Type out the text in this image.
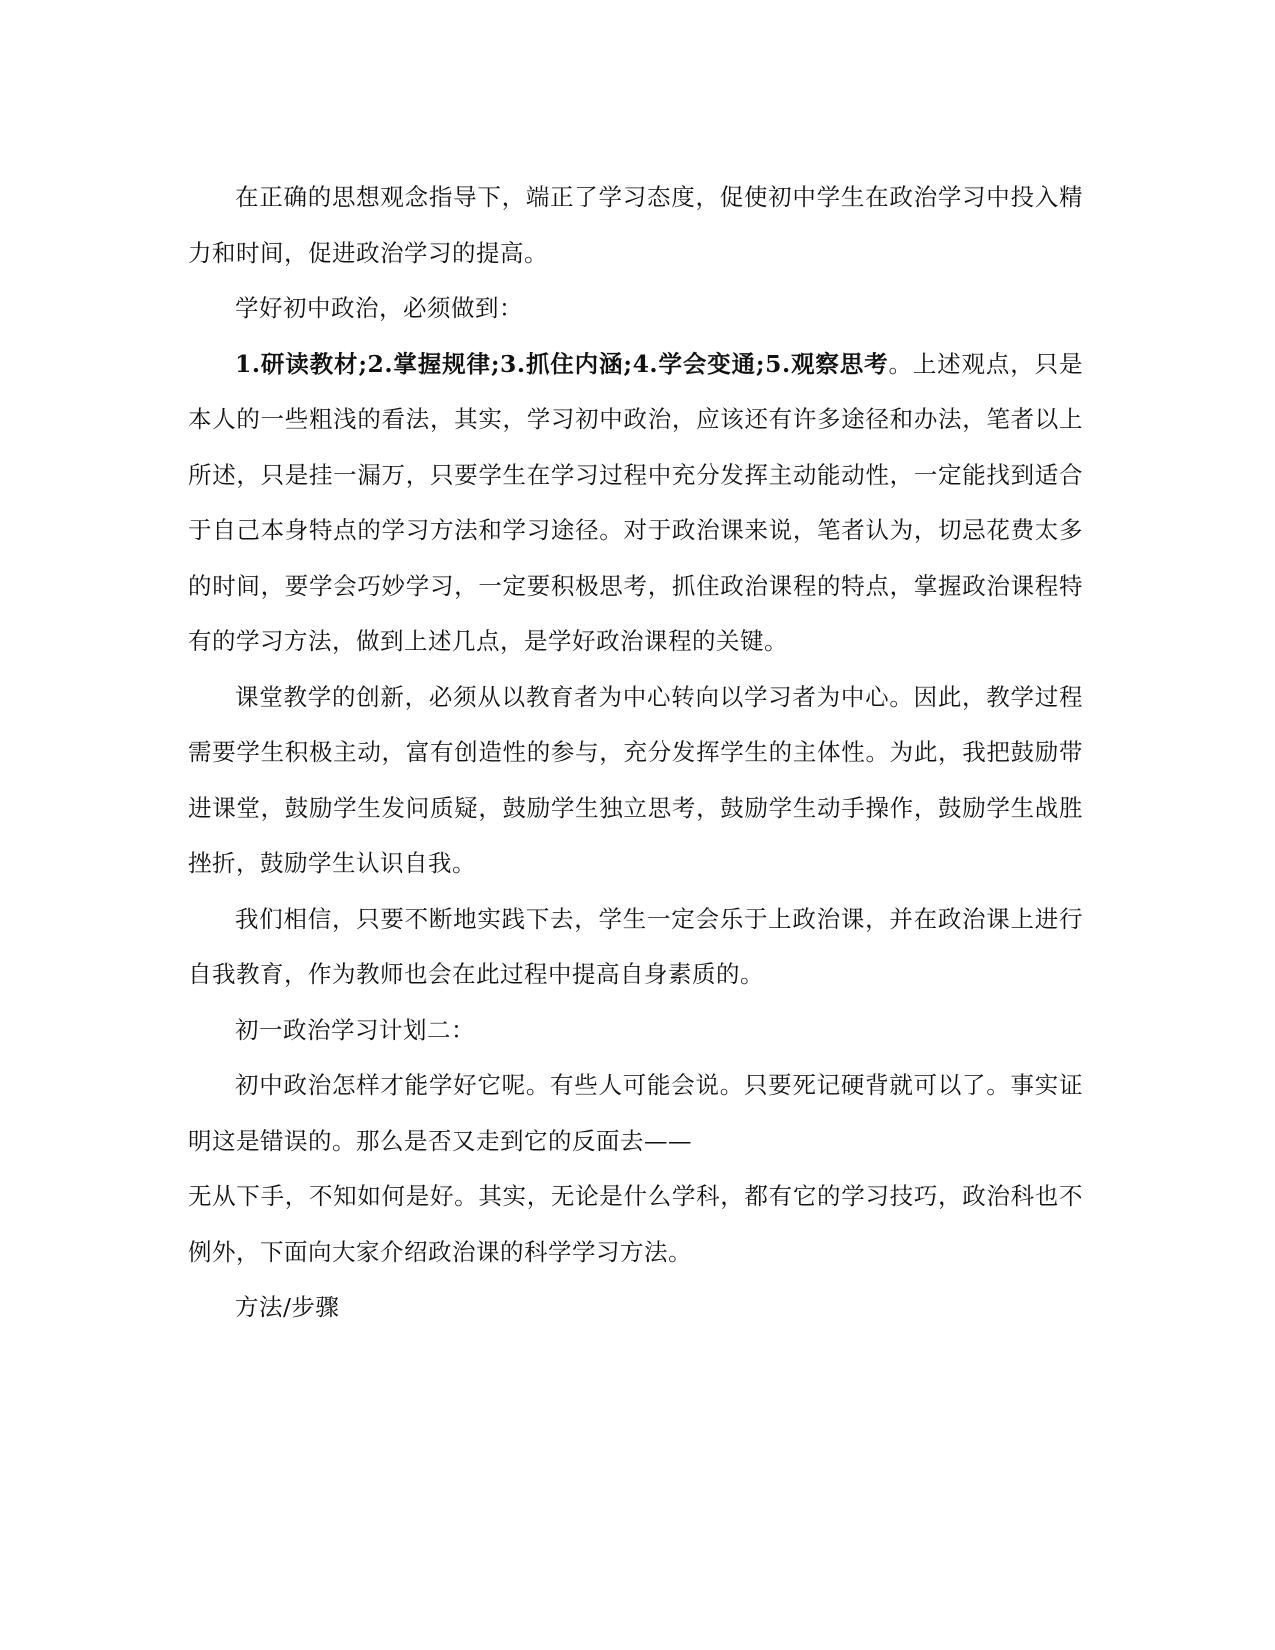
在正确的思想观念指导下，端正了学习态度，促使初中学生在政治学习中投入精力和时间，促进政治学习的提高。

学好初中政治，必须做到：

1.研读教材;2.掌握规律;3.抓住内涵;4.学会变通;5.观察思考。上述观点，只是本人的一些粗浅的看法，其实，学习初中政治，应该还有许多途径和办法，笔者以上所述，只是挂一漏万，只要学生在学习过程中充分发挥主动能动性，一定能找到适合于自己本身特点的学习方法和学习途径。对于政治课来说，笔者认为，切忌花费太多的时间，要学会巧妙学习，一定要积极思考，抓住政治课程的特点，掌握政治课程特有的学习方法，做到上述几点，是学好政治课程的关键。

课堂教学的创新，必须从以教育者为中心转向以学习者为中心。因此，教学过程需要学生积极主动，富有创造性的参与，充分发挥学生的主体性。为此，我把鼓励带进课堂，鼓励学生发问质疑，鼓励学生独立思考，鼓励学生动手操作，鼓励学生战胜挫折，鼓励学生认识自我。

我们相信，只要不断地实践下去，学生一定会乐于上政治课，并在政治课上进行自我教育，作为教师也会在此过程中提高自身素质的。

初一政治学习计划二：

初中政治怎样才能学好它呢。有些人可能会说。只要死记硬背就可以了。事实证明这是错误的。那么是否又走到它的反面去——

无从下手，不知如何是好。其实，无论是什么学科，都有它的学习技巧，政治科也不例外，下面向大家介绍政治课的科学学习方法。

方法/步骤
